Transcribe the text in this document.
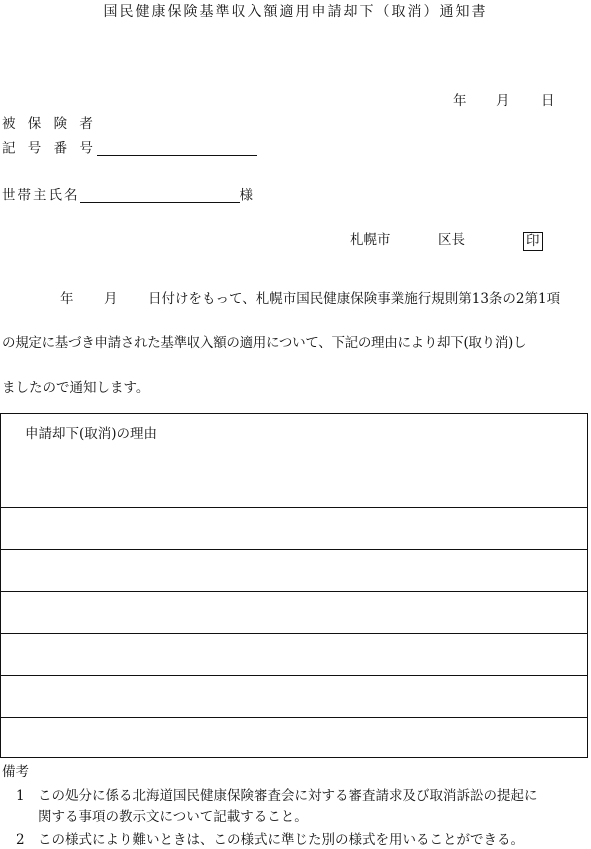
国民健康保険基準収入額適用申請却下（取消）通知書
年 月 日
被 保 険 者
記 号 番 号
世帯主氏名	様
札幌市	区長	印
年 月 日付けをもって、札幌市国民健康保険事業施行規則第13条の2第1項
の規定に基づき申請された基準収入額の適用について、下記の理由により却下(取り消)し
ましたので通知します。
申請却下(取消)の理由
備考
1 この処分に係る北海道国民健康保険審査会に対する審査請求及び取消訴訟の提起に
関する事項の教示文について記載すること。
2 この様式により難いときは、この様式に準じた別の様式を用いることができる。
